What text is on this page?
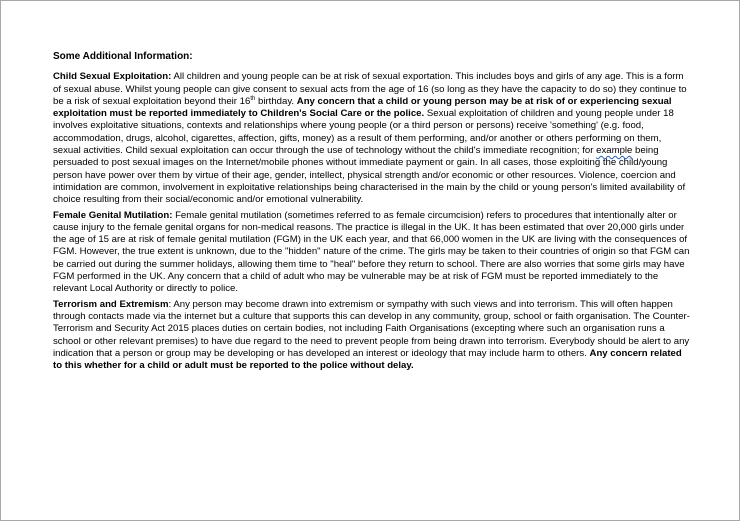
Some Additional Information:

Child Sexual Exploitation: All children and young people can be at risk of sexual exportation. This includes boys and girls of any age. This is a form of sexual abuse. Whilst young people can give consent to sexual acts from the age of 16 (so long as they have the capacity to do so) they continue to be a risk of sexual exploitation beyond their 16th birthday. Any concern that a child or young person may be at risk of or experiencing sexual exploitation must be reported immediately to Children's Social Care or the police. Sexual exploitation of children and young people under 18 involves exploitative situations, contexts and relationships where young people (or a third person or persons) receive 'something' (e.g. food, accommodation, drugs, alcohol, cigarettes, affection, gifts, money) as a result of them performing, and/or another or others performing on them, sexual activities. Child sexual exploitation can occur through the use of technology without the child's immediate recognition; for example being persuaded to post sexual images on the Internet/mobile phones without immediate payment or gain. In all cases, those exploiting the child/young person have power over them by virtue of their age, gender, intellect, physical strength and/or economic or other resources. Violence, coercion and intimidation are common, involvement in exploitative relationships being characterised in the main by the child or young person's limited availability of choice resulting from their social/economic and/or emotional vulnerability.

Female Genital Mutilation: Female genital mutilation (sometimes referred to as female circumcision) refers to procedures that intentionally alter or cause injury to the female genital organs for non-medical reasons. The practice is illegal in the UK. It has been estimated that over 20,000 girls under the age of 15 are at risk of female genital mutilation (FGM) in the UK each year, and that 66,000 women in the UK are living with the consequences of FGM. However, the true extent is unknown, due to the "hidden" nature of the crime. The girls may be taken to their countries of origin so that FGM can be carried out during the summer holidays, allowing them time to "heal" before they return to school. There are also worries that some girls may have FGM performed in the UK. Any concern that a child of adult who may be vulnerable may be at risk of FGM must be reported immediately to the relevant Local Authority or directly to police.

Terrorism and Extremism: Any person may become drawn into extremism or sympathy with such views and into terrorism. This will often happen through contacts made via the internet but a culture that supports this can develop in any community, group, school or faith organisation. The Counter-Terrorism and Security Act 2015 places duties on certain bodies, not including Faith Organisations (excepting where such an organisation runs a school or other relevant premises) to have due regard to the need to prevent people from being drawn into terrorism. Everybody should be alert to any indication that a person or group may be developing or has developed an interest or ideology that may include harm to others. Any concern related to this whether for a child or adult must be reported to the police without delay.
